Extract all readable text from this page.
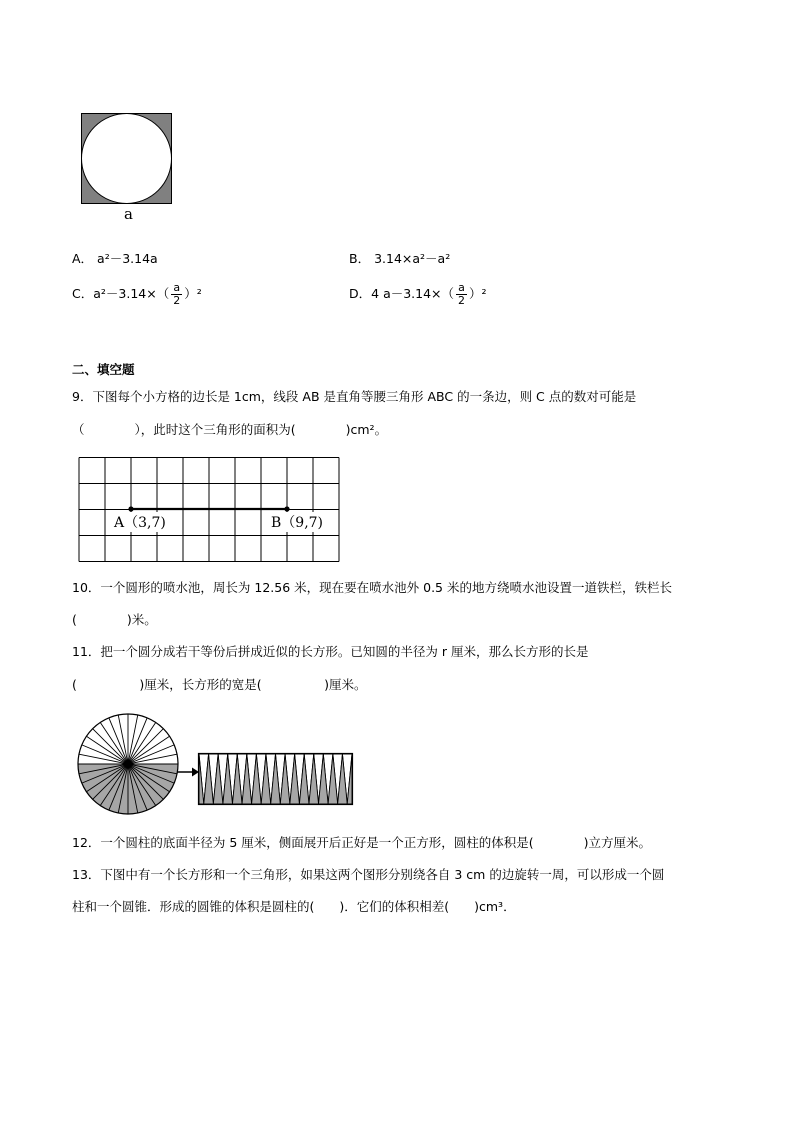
a
A． a²－3.14a	B． 3.14×a²－a²
C．$a^2-3.14\times( \frac{a}{2} )^2$	D．4 $a-3.14\times( \frac{a}{2} )^2$
二、填空题
9．下图每个小方格的边长是 1cm，线段 AB 是直角等腰三角形 ABC 的一条边，则 C 点的数对可能是
（　　　　），此时这个三角形的面积为(　　　　)cm²。
A（3,7)	B（9,7)
10．一个圆形的喷水池，周长为 12.56 米，现在要在喷水池外 0.5 米的地方绕喷水池设置一道铁栏，铁栏长
(　　　　)米。
11．把一个圆分成若干等份后拼成近似的长方形。已知圆的半径为 r 厘米，那么长方形的长是
(　　　　　)厘米，长方形的宽是(　　　　　)厘米。
12．一个圆柱的底面半径为 5 厘米，侧面展开后正好是一个正方形，圆柱的体积是(　　　　)立方厘米。
13．下图中有一个长方形和一个三角形，如果这两个图形分别绕各自 3 cm 的边旋转一周，可以形成一个圆
柱和一个圆锥．形成的圆锥的体积是圆柱的(　　)．它们的体积相差(　　)cm³．
